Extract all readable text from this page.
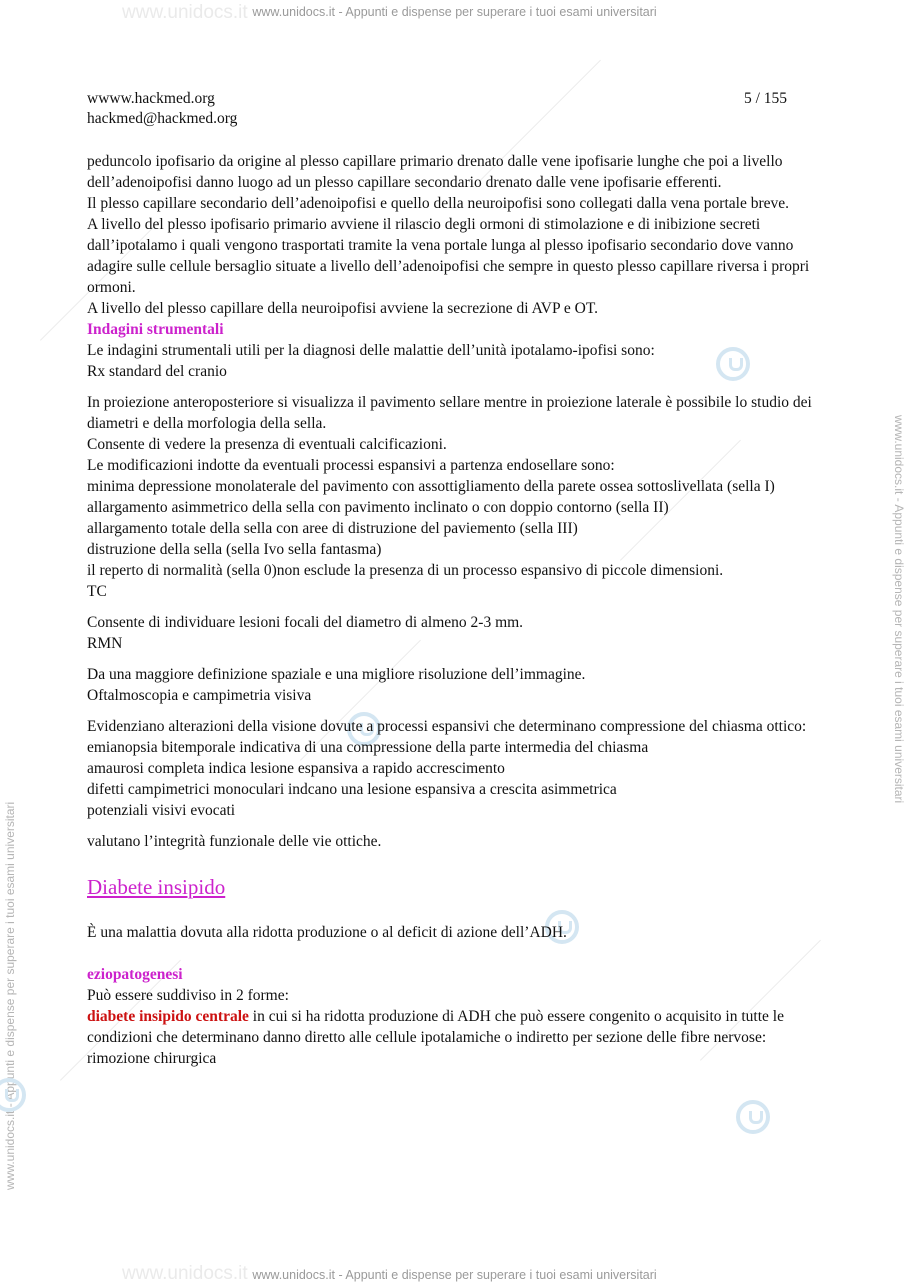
www.unidocs.it - Appunti e dispense per superare i tuoi esami universitari
www.unidocs.it - Appunti e dispense per superare i tuoi esami universitari
www.unidocs.it - Appunti e dispense per superare i tuoi esami universitari
www.unidocs.it - Appunti e dispense per superare i tuoi esami universitari
www.unidocs.it
www.unidocs.it
wwww.hackmed.org
hackmed@hackmed.org
5 / 155

peduncolo ipofisario da origine al plesso capillare primario drenato dalle vene ipofisarie lunghe che poi a livello dell’adenoipofisi danno luogo ad un plesso capillare secondario drenato dalle vene ipofisarie efferenti.

Il plesso capillare secondario dell’adenoipofisi e quello della neuroipofisi sono collegati dalla vena portale breve.

A livello del plesso ipofisario primario avviene il rilascio degli ormoni di stimolazione e di inibizione secreti dall’ipotalamo i quali vengono trasportati tramite la vena portale lunga al plesso ipofisario secondario dove vanno adagire sulle cellule bersaglio situate a livello dell’adenoipofisi che sempre in questo plesso capillare riversa i propri ormoni.

A livello del plesso capillare della neuroipofisi avviene la secrezione di AVP e OT.

Indagini strumentali

Le indagini strumentali utili per la diagnosi delle malattie dell’unità ipotalamo-ipofisi sono:

Rx standard del cranio

In proiezione anteroposteriore si visualizza il pavimento sellare mentre in proiezione laterale è possibile lo studio dei diametri e della morfologia della sella.

Consente di vedere la presenza di eventuali calcificazioni.

Le modificazioni indotte da eventuali processi espansivi a partenza endosellare sono:

minima depressione monolaterale del pavimento con assottigliamento della parete ossea sottoslivellata (sella I)

allargamento asimmetrico della sella con pavimento inclinato o con doppio contorno (sella II)

allargamento totale della sella con aree di distruzione del paviemento (sella III)

distruzione della sella (sella Ivo sella fantasma)

il reperto di normalità (sella 0)non esclude la presenza di un processo espansivo di piccole dimensioni.

TC

Consente di individuare lesioni focali del diametro di almeno 2-3 mm.

RMN

Da una maggiore definizione spaziale e una migliore risoluzione dell’immagine.

Oftalmoscopia e campimetria visiva

Evidenziano alterazioni della visione dovute a processi espansivi che determinano compressione del chiasma ottico:

emianopsia bitemporale indicativa di una compressione della parte intermedia del chiasma

amaurosi completa indica lesione espansiva a rapido accrescimento

difetti campimetrici monoculari indcano una lesione espansiva a crescita asimmetrica

potenziali visivi evocati

valutano l’integrità funzionale delle vie ottiche.

Diabete insipido

È una malattia dovuta alla ridotta produzione o al deficit di azione dell’ADH.

eziopatogenesi

Può essere suddiviso in 2 forme:

diabete insipido centrale in cui si ha ridotta produzione di ADH che può essere congenito o acquisito in tutte le condizioni che determinano danno diretto alle cellule ipotalamiche o indiretto per sezione delle fibre nervose:

rimozione chirurgica
